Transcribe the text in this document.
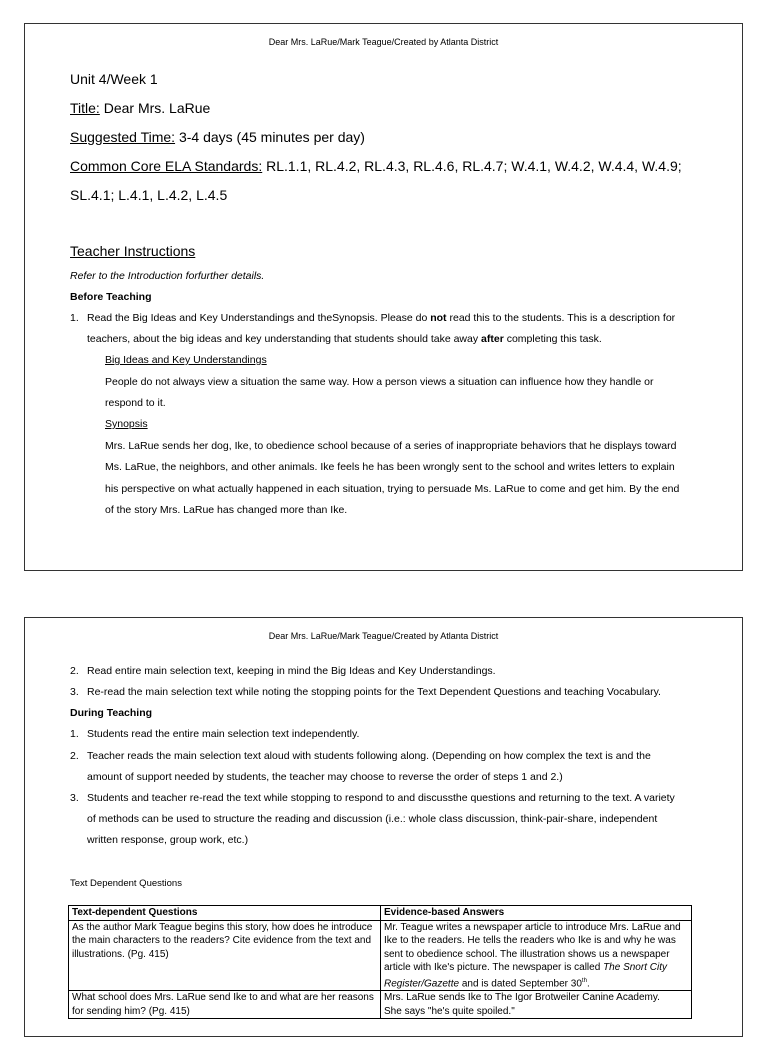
Dear Mrs. LaRue/Mark Teague/Created by Atlanta District
Unit 4/Week 1
Title: Dear Mrs. LaRue
Suggested Time: 3-4 days (45 minutes per day)
Common Core ELA Standards: RL.1.1, RL.4.2, RL.4.3, RL.4.6, RL.4.7; W.4.1, W.4.2, W.4.4, W.4.9;
SL.4.1; L.4.1, L.4.2, L.4.5
Teacher Instructions
Refer to the Introduction forfurther details.
Before Teaching
1. Read the Big Ideas and Key Understandings and theSynopsis. Please do not read this to the students. This is a description for
teachers, about the big ideas and key understanding that students should take away after completing this task.
Big Ideas and Key Understandings
People do not always view a situation the same way. How a person views a situation can influence how they handle or
respond to it.
Synopsis
Mrs. LaRue sends her dog, Ike, to obedience school because of a series of inappropriate behaviors that he displays toward
Ms. LaRue, the neighbors, and other animals. Ike feels he has been wrongly sent to the school and writes letters to explain
his perspective on what actually happened in each situation, trying to persuade Ms. LaRue to come and get him. By the end
of the story Mrs. LaRue has changed more than Ike.
Dear Mrs. LaRue/Mark Teague/Created by Atlanta District
2. Read entire main selection text, keeping in mind the Big Ideas and Key Understandings.
3. Re-read the main selection text while noting the stopping points for the Text Dependent Questions and teaching Vocabulary.
During Teaching
1. Students read the entire main selection text independently.
2. Teacher reads the main selection text aloud with students following along. (Depending on how complex the text is and the
amount of support needed by students, the teacher may choose to reverse the order of steps 1 and 2.)
3. Students and teacher re-read the text while stopping to respond to and discussthe questions and returning to the text. A variety
of methods can be used to structure the reading and discussion (i.e.: whole class discussion, think-pair-share, independent
written response, group work, etc.)
Text Dependent Questions
Text-dependent Questions	Evidence-based Answers
As the author Mark Teague begins this story, how does he introduce the main characters to the readers? Cite evidence from the text and illustrations. (Pg. 415)	Mr. Teague writes a newspaper article to introduce Mrs. LaRue and Ike to the readers. He tells the readers who Ike is and why he was sent to obedience school. The illustration shows us a newspaper article with Ike's picture. The newspaper is called The Snort City Register/Gazette and is dated September 30th.
What school does Mrs. LaRue send Ike to and what are her reasons for sending him? (Pg. 415)	Mrs. LaRue sends Ike to The Igor Brotweiler Canine Academy.
She says "he's quite spoiled."
